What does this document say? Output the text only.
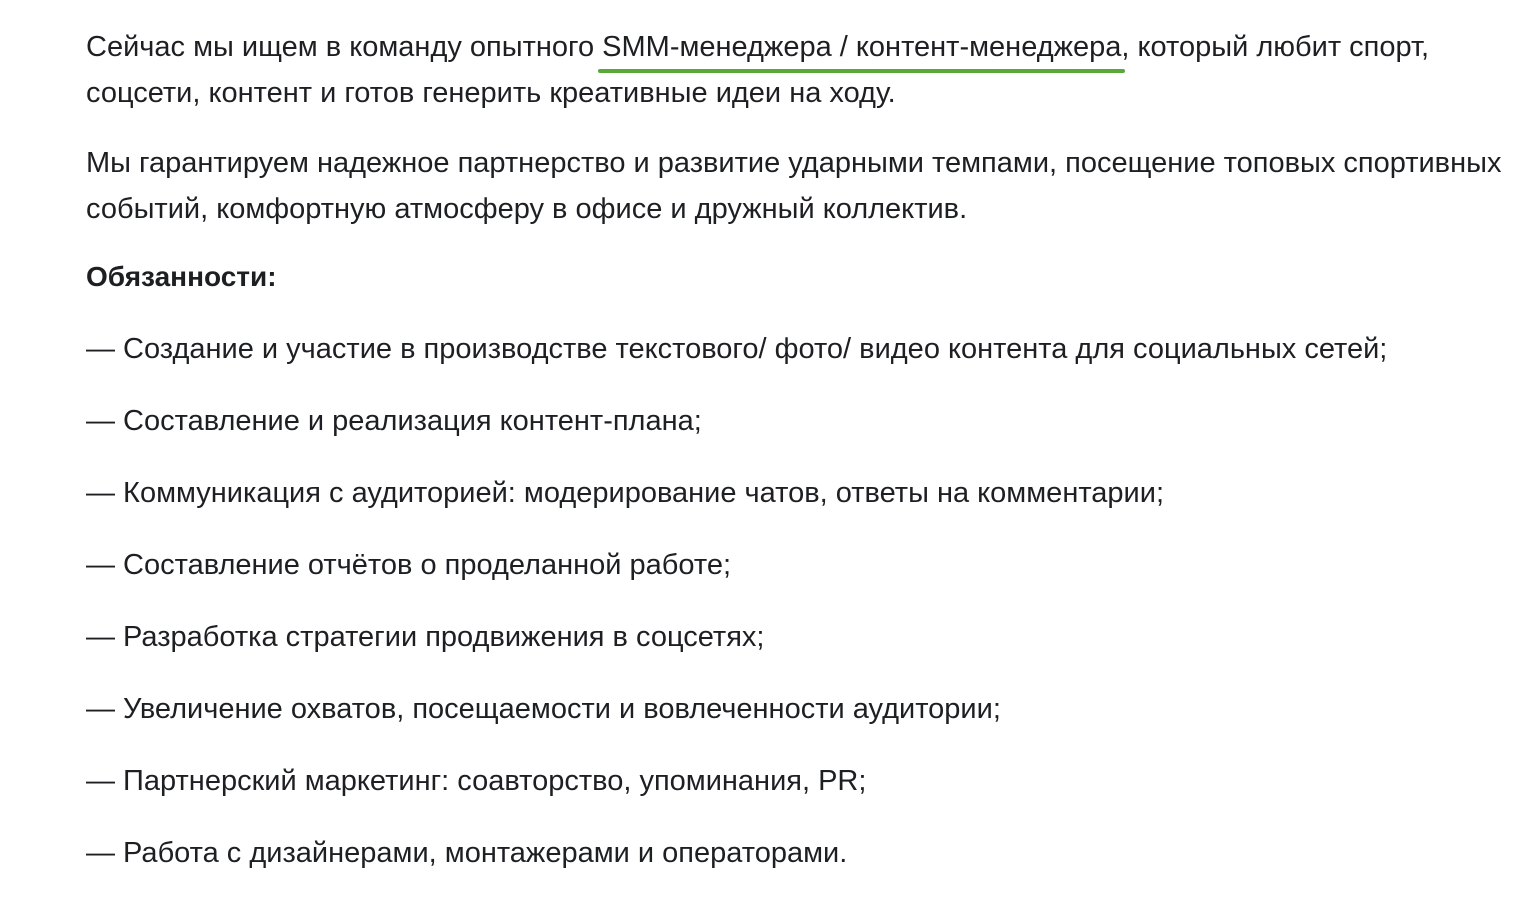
Сейчас мы ищем в команду опытного SMM-менеджера / контент-менеджера, который любит спорт, соцсети, контент и готов генерить креативные идеи на ходу.

Мы гарантируем надежное партнерство и развитие ударными темпами, посещение топовых спортивных событий, комфортную атмосферу в офисе и дружный коллектив.

Обязанности:
— Создание и участие в производстве текстового/ фото/ видео контента для социальных сетей;
— Составление и реализация контент-плана;
— Коммуникация с аудиторией: модерирование чатов, ответы на комментарии;
— Составление отчётов о проделанной работе;
— Разработка стратегии продвижения в соцсетях;
— Увеличение охватов, посещаемости и вовлеченности аудитории;
— Партнерский маркетинг: соавторство, упоминания, PR;
— Работа с дизайнерами, монтажерами и операторами.
